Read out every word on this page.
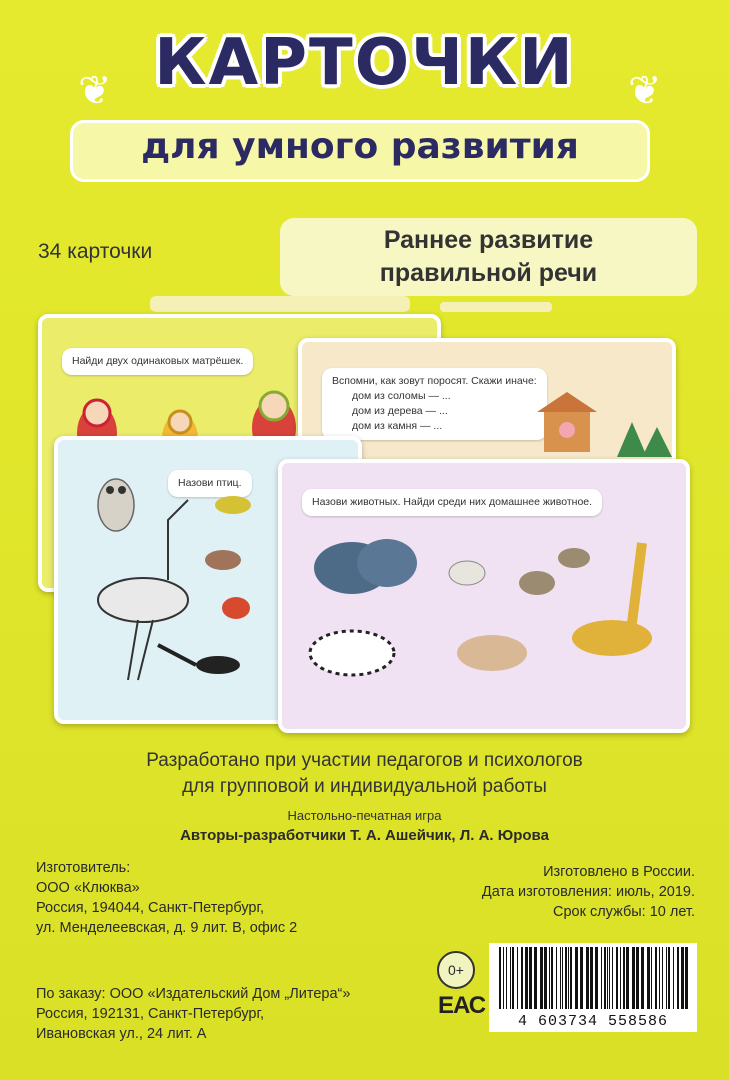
❦	❦
КАРТОЧКИ
для умного развития
34 карточки	Раннее развитие
правильной речи
Найди двух одинаковых матрёшек.
Вспомни, как зовут поросят. Скажи иначе:
дом из соломы — ...
дом из дерева — ...
дом из камня — ...
Назови птиц.
Назови животных. Найди среди них домашнее животное.
Разработано при участии педагогов и психологов
для групповой и индивидуальной работы
Настольно-печатная игра
Авторы-разработчики Т. А. Ашейчик, Л. А. Юрова
Изготовитель:
ООО «Клюква»
Россия, 194044, Санкт-Петербург,
ул. Менделеевская, д. 9 лит. В, офис 2
Изготовлено в России.
Дата изготовления: июль, 2019.
Срок службы: 10 лет.
По заказу: ООО «Издательский Дом „Литера“»
Россия, 192131, Санкт-Петербург,
Ивановская ул., 24 лит. А
0+
ЕАС
4 603734 558586
